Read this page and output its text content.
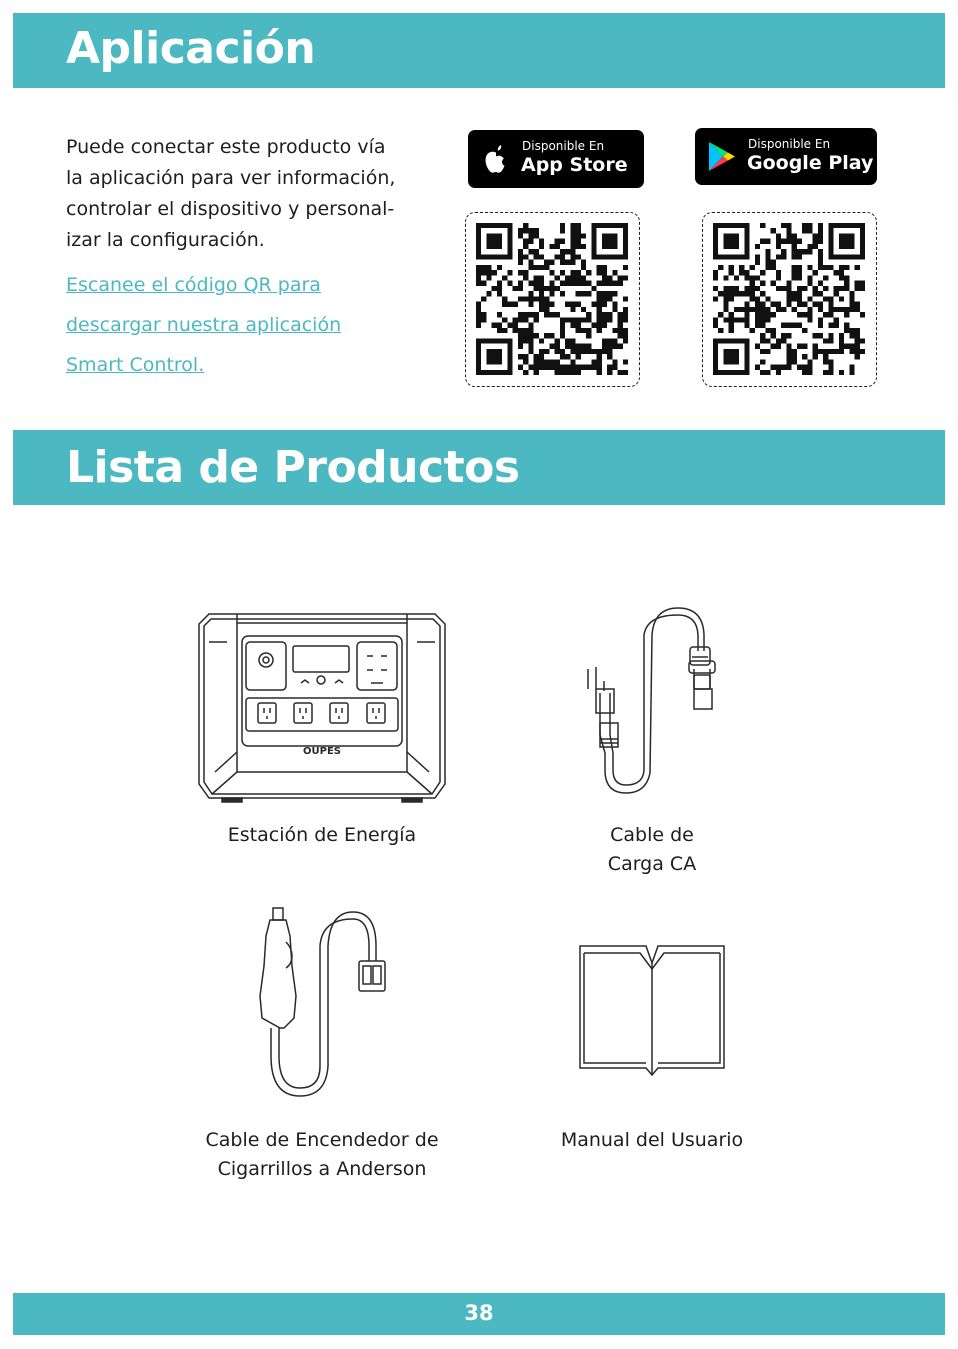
Aplicación

Puede conectar este producto vía

la aplicación para ver información,

controlar el dispositivo y personal-

izar la configuración.

Escanee el código QR para
descargar nuestra aplicación
Smart Control.
Disponible En
App Store
Disponible En
Google Play
Lista de Productos
OUPES
Estación de Energía	Cable de
Carga CA
Cable de Encendedor de
Cigarrillos a Anderson
Manual del Usuario
38
